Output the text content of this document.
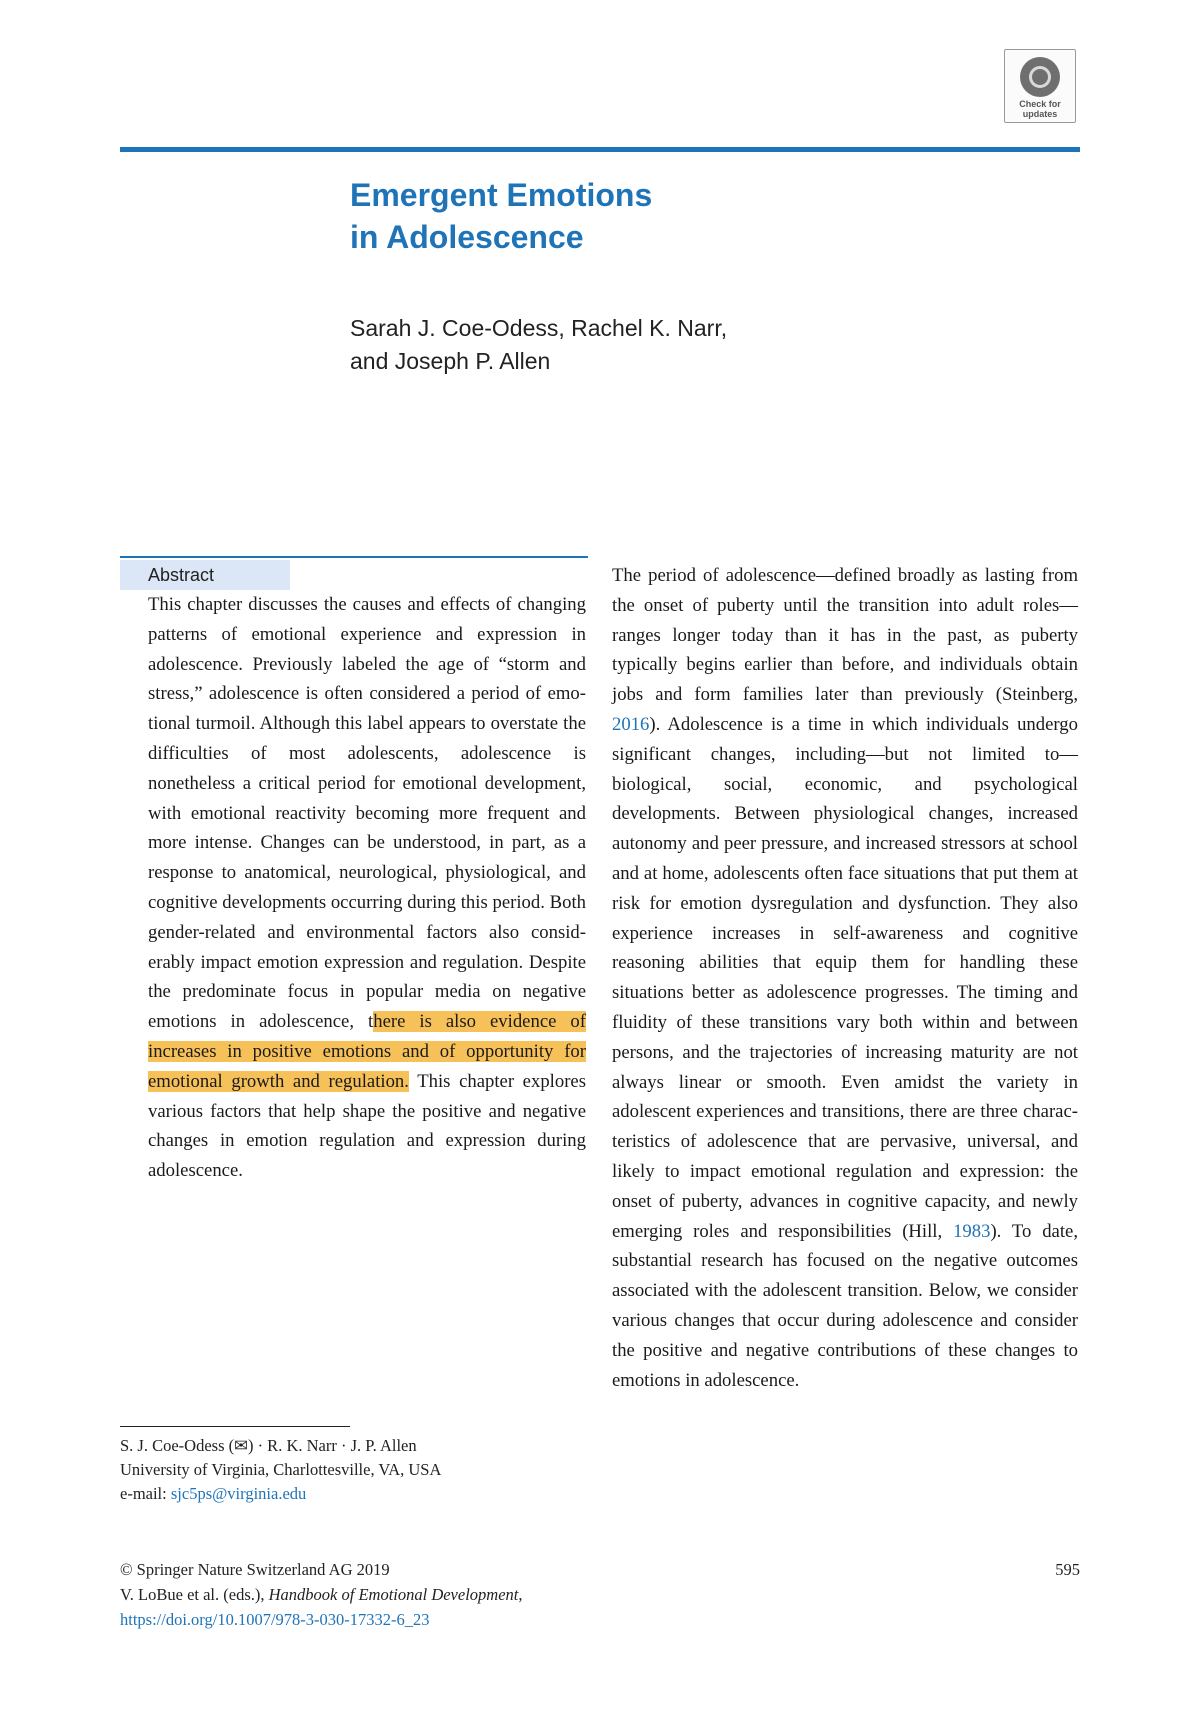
Check for
updates
Emergent Emotions
in Adolescence
Sarah J. Coe-Odess, Rachel K. Narr,
and Joseph P. Allen
Abstract

This chapter discusses the causes and effects of changing patterns of emotional experience and expression in adolescence. Previously labeled the age of “storm and stress,” adolescence is often considered a period of emotional turmoil. Although this label appears to overstate the difficulties of most adolescents, adolescence is nonetheless a critical period for emotional development, with emotional reactivity becoming more frequent and more intense. Changes can be understood, in part, as a response to anatomical, neurological, physiological, and cognitive developments occurring during this period. Both gender-related and environmental factors also considerably impact emotion expression and regulation. Despite the predominate focus in popular media on negative emotions in adolescence, there is also evidence of increases in positive emotions and of opportunity for emotional growth and regulation. This chapter explores various factors that help shape the positive and negative changes in emotion regulation and expression during adolescence.

The period of adolescence—defined broadly as lasting from the onset of puberty until the transition into adult roles—ranges longer today than it has in the past, as puberty typically begins earlier than before, and individuals obtain jobs and form families later than previously (Steinberg, 2016). Adolescence is a time in which individuals undergo significant changes, including—but not limited to—biological, social, economic, and psychological developments. Between physiological changes, increased autonomy and peer pressure, and increased stressors at school and at home, adolescents often face situations that put them at risk for emotion dysregulation and dysfunction. They also experience increases in self-awareness and cognitive reasoning abilities that equip them for handling these situations better as adolescence progresses. The timing and fluidity of these transitions vary both within and between persons, and the trajectories of increasing maturity are not always linear or smooth. Even amidst the variety in adolescent experiences and transitions, there are three characteristics of adolescence that are pervasive, universal, and likely to impact emotional regulation and expression: the onset of puberty, advances in cognitive capacity, and newly emerging roles and responsibilities (Hill, 1983). To date, substantial research has focused on the negative outcomes associated with the adolescent transition. Below, we consider various changes that occur during adolescence and consider the positive and negative contributions of these changes to emotions in adolescence.

S. J. Coe-Odess (✉) · R. K. Narr · J. P. Allen

University of Virginia, Charlottesville, VA, USA

e-mail: sjc5ps@virginia.edu

595

© Springer Nature Switzerland AG 2019

V. LoBue et al. (eds.), Handbook of Emotional Development,

https://doi.org/10.1007/978-3-030-17332-6_23
